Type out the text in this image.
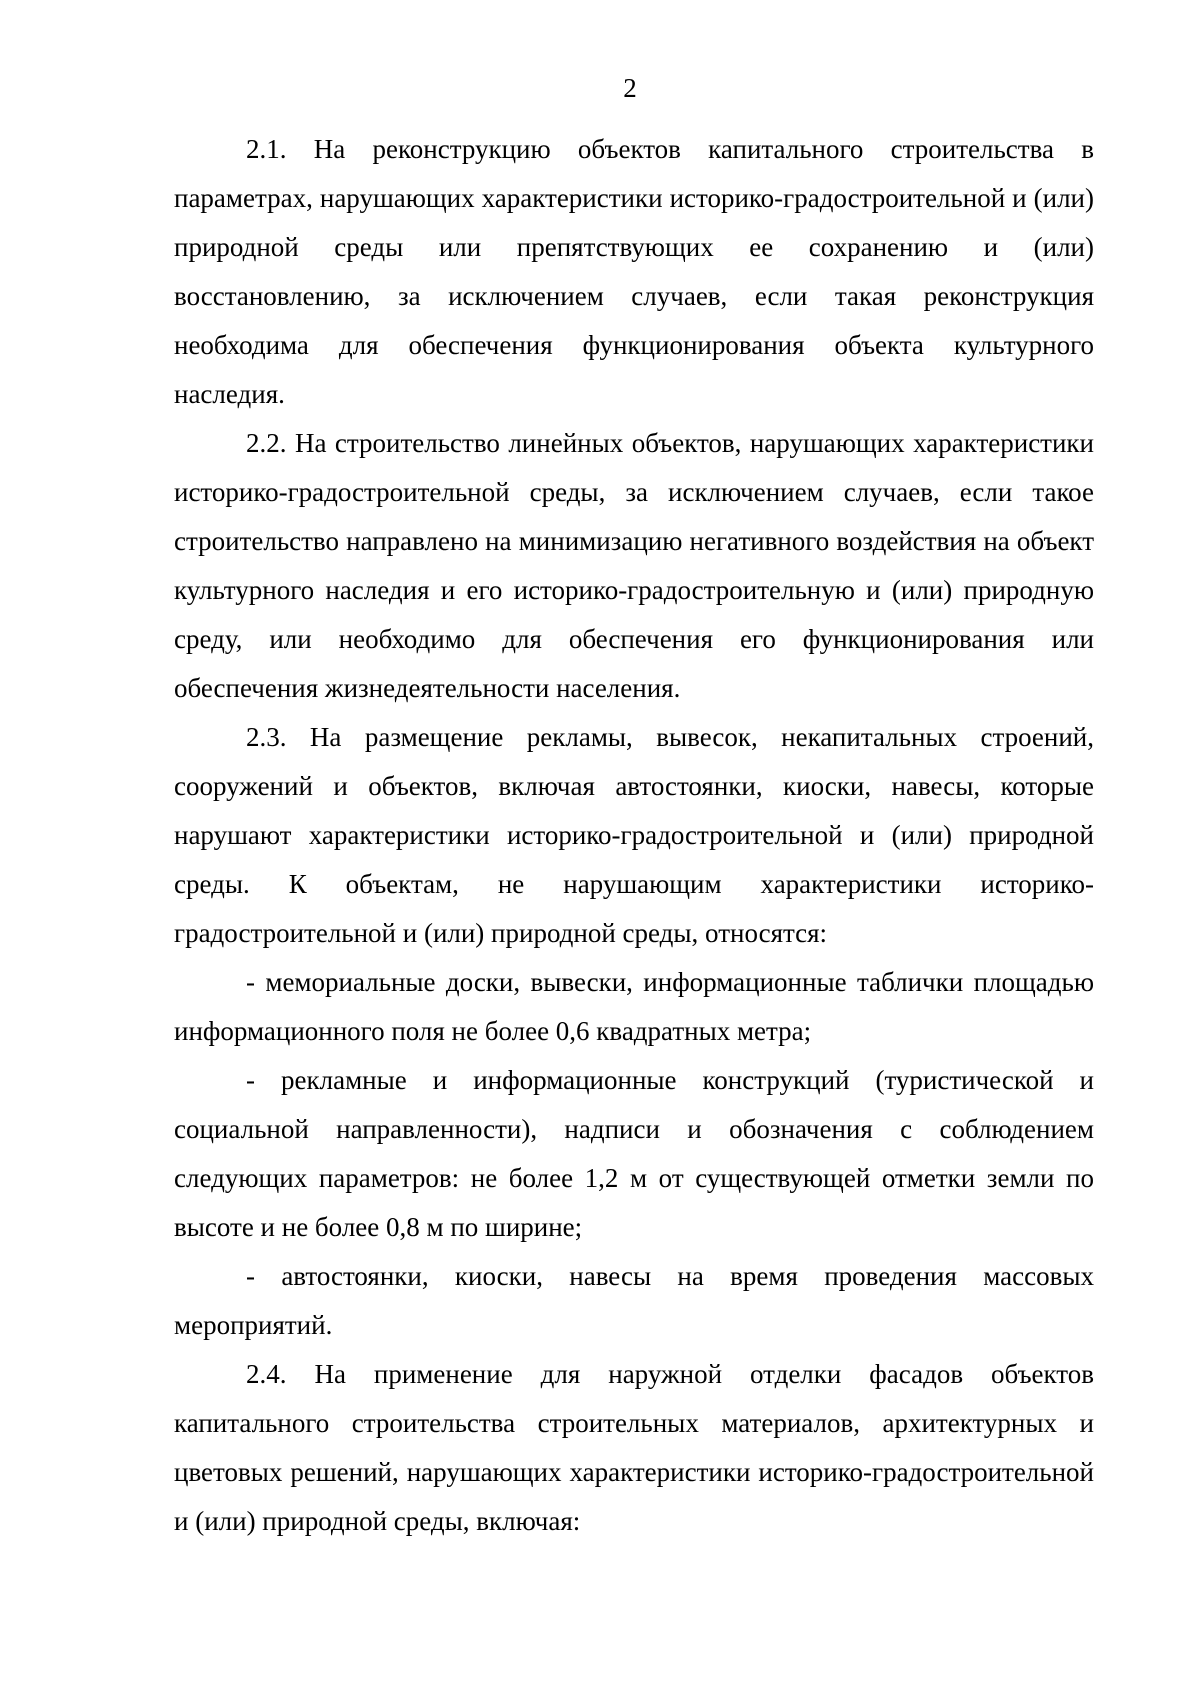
2

2.1. На реконструкцию объектов капитального строительства в параметрах, нарушающих характеристики историко-градостроительной и (или) природной среды или препятствующих ее сохранению и (или) восстановлению, за исключением случаев, если такая реконструкция необходима для обеспечения функционирования объекта культурного наследия.

2.2. На строительство линейных объектов, нарушающих характеристики историко-градостроительной среды, за исключением случаев, если такое строительство направлено на минимизацию негативного воздействия на объект культурного наследия и его историко-градостроительную и (или) природную среду, или необходимо для обеспечения его функционирования или обеспечения жизнедеятельности населения.

2.3. На размещение рекламы, вывесок, некапитальных строений, сооружений и объектов, включая автостоянки, киоски, навесы, которые нарушают характеристики историко-градостроительной и (или) природной среды. К объектам, не нарушающим характеристики историко-градостроительной и (или) природной среды, относятся:

- мемориальные доски, вывески, информационные таблички площадью информационного поля не более 0,6 квадратных метра;

- рекламные и информационные конструкций (туристической и социальной направленности), надписи и обозначения с соблюдением следующих параметров: не более 1,2 м от существующей отметки земли по высоте и не более 0,8 м по ширине;

- автостоянки, киоски, навесы на время проведения массовых мероприятий.

2.4. На применение для наружной отделки фасадов объектов капитального строительства строительных материалов, архитектурных и цветовых решений, нарушающих характеристики историко-градостроительной и (или) природной среды, включая:
